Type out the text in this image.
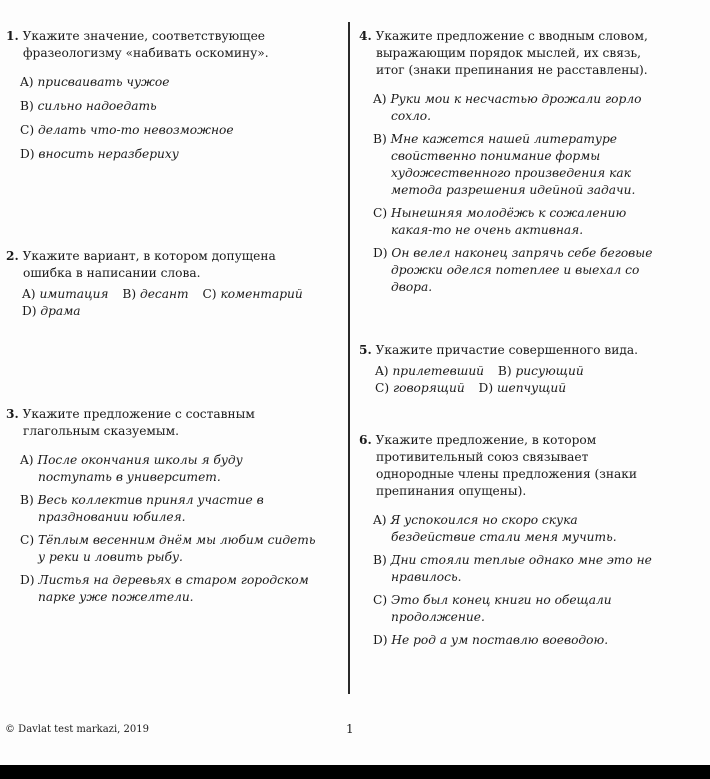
1. Укажите значение, соответствующее фразеологизму «набивать оскомину».
A) присваивать чужое
B) сильно надоедать
C) делать что-то невозможное
D) вносить неразбериху
2. Укажите вариант, в котором допущена ошибка в написании слова.
A) имитация B) десант C) коментарий
D) драма
3. Укажите предложение с составным глагольным сказуемым.
A) После окончания школы я буду поступать в университет.
B) Весь коллектив принял участие в праздновании юбилея.
C) Тёплым весенним днём мы любим сидеть у реки и ловить рыбу.
D) Листья на деревьях в старом городском парке уже пожелтели.
4. Укажите предложение с вводным словом, выражающим порядок мыслей, их связь, итог (знаки препинания не расставлены).
A) Руки мои к несчастью дрожали горло сохло.
B) Мне кажется нашей литературе свойственно понимание формы художественного произведения как метода разрешения идейной задачи.
C) Нынешняя молодёжь к сожалению какая-то не очень активная.
D) Он велел наконец запрячь себе беговые дрожки оделся потеплее и выехал со двора.
5. Укажите причастие совершенного вида.
A) прилетевший B) рисующий
C) говорящий D) шепчущий
6. Укажите предложение, в котором противительный союз связывает однородные члены предложения (знаки препинания опущены).
A) Я успокоился но скоро скука бездействие стали меня мучить.
B) Дни стояли теплые однако мне это не нравилось.
C) Это был конец книги но обещали продолжение.
D) Не род а ум поставлю воеводою.
© Davlat test markazi, 2019	1
